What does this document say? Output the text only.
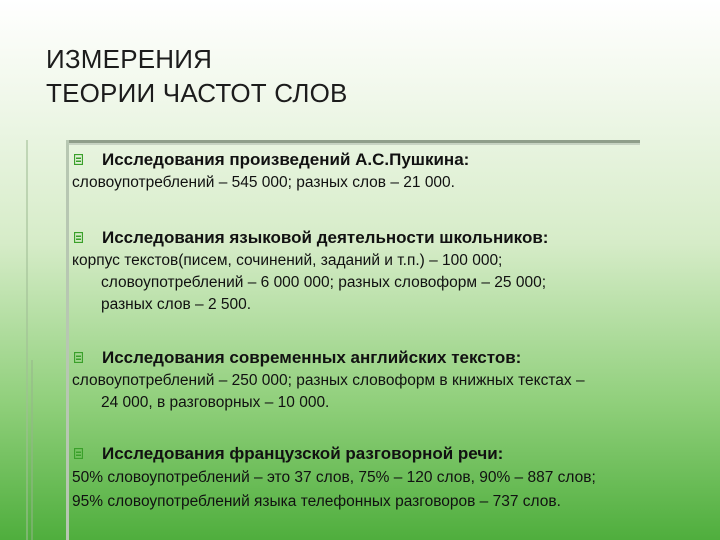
ИЗМЕРЕНИЯ
ТЕОРИИ ЧАСТОТ СЛОВ
Исследования произведений А.С.Пушкина:
словоупотреблений – 545 000; разных слов – 21 000.
Исследования языковой деятельности школьников:
корпус текстов(писем, сочинений, заданий и т.п.) – 100 000;
словоупотреблений – 6 000 000; разных словоформ – 25 000;
разных слов – 2 500.
Исследования современных английских текстов:
словоупотреблений – 250 000; разных словоформ в книжных текстах –
24 000, в разговорных – 10 000.
Исследования французской разговорной речи:
50% словоупотреблений – это 37 слов, 75% – 120 слов, 90% – 887 слов;
95% словоупотреблений языка телефонных разговоров – 737 слов.
